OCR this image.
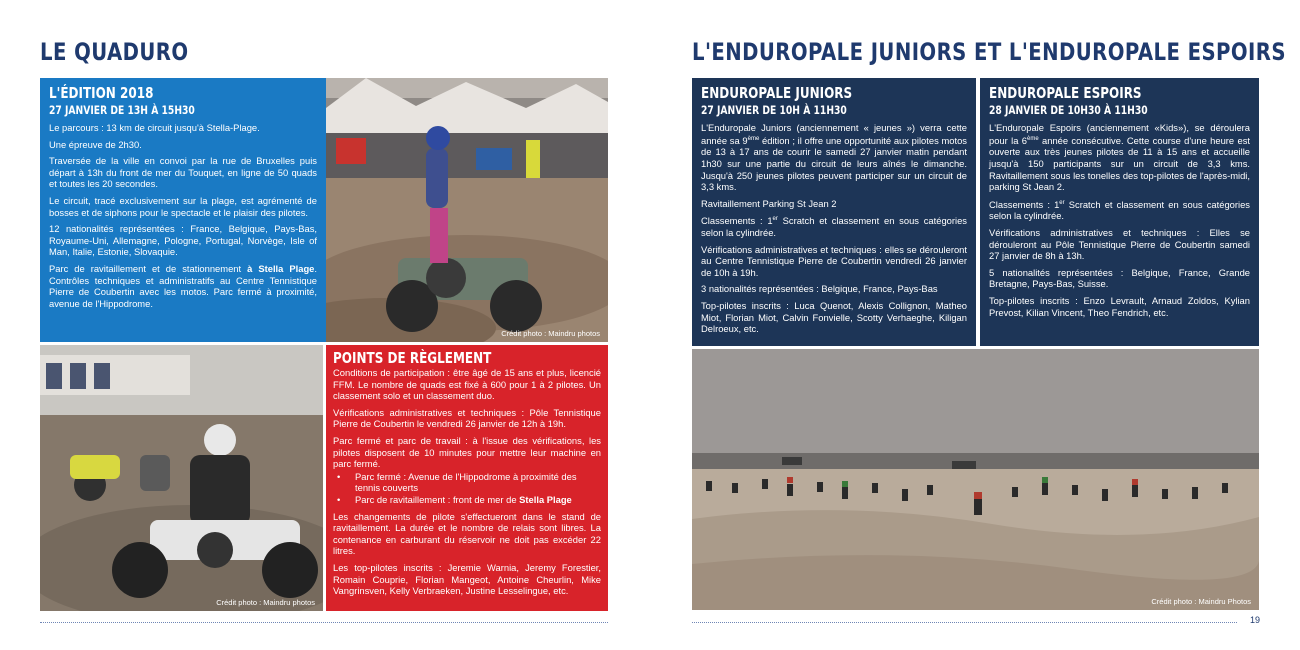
LE QUADURO
L'ÉDITION 2018
27 JANVIER DE 13H À 15H30

Le parcours : 13 km de circuit jusqu'à Stella-Plage.

Une épreuve de 2h30.

Traversée de la ville en convoi par la rue de Bruxelles puis départ à 13h du front de mer du Touquet, en ligne de 50 quads et toutes les 20 secondes.

Le circuit, tracé exclusivement sur la plage, est agrémenté de bosses et de siphons pour le spectacle et le plaisir des pilotes.

12 nationalités représentées : France, Belgique, Pays-Bas, Royaume-Uni, Allemagne, Pologne, Portugal, Norvège, Isle of Man, Italie, Estonie, Slovaquie.

Parc de ravitaillement et de stationnement à Stella Plage. Contrôles techniques et administratifs au Centre Tennistique Pierre de Coubertin avec les motos. Parc fermé à proximité, avenue de l'Hippodrome.

Crédit photo : Maindru photos
Crédit photo : Maindru photos
POINTS DE RÈGLEMENT

Conditions de participation : être âgé de 15 ans et plus, licencié FFM. Le nombre de quads est fixé à 600 pour 1 à 2 pilotes. Un classement solo et un classement duo.

Vérifications administratives et techniques : Pôle Tennistique Pierre de Coubertin le vendredi 26 janvier de 12h à 19h.

Parc fermé et parc de travail : à l'issue des vérifications, les pilotes disposent de 10 minutes pour mettre leur machine en parc fermé.

• Parc fermé : Avenue de l'Hippodrome à proximité des tennis couverts
• Parc de ravitaillement : front de mer de Stella Plage

Les changements de pilote s'effectueront dans le stand de ravitaillement. La durée et le nombre de relais sont libres. La contenance en carburant du réservoir ne doit pas excéder 22 litres.

Les top-pilotes inscrits : Jeremie Warnia, Jeremy Forestier, Romain Couprie, Florian Mangeot, Antoine Cheurlin, Mike Vangrinsven, Kelly Verbraeken, Justine Lesselingue, etc.

L'ENDUROPALE JUNIORS ET L'ENDUROPALE ESPOIRS
ENDUROPALE JUNIORS
27 JANVIER DE 10H À 11H30

L'Enduropale Juniors (anciennement « jeunes ») verra cette année sa 9ème édition ; il offre une opportunité aux pilotes motos de 13 à 17 ans de courir le samedi 27 janvier matin pendant 1h30 sur une partie du circuit de leurs aînés le dimanche. Jusqu'à 250 jeunes pilotes peuvent participer sur un circuit de 3,3 kms.

Ravitaillement Parking St Jean 2

Classements : 1er Scratch et classement en sous catégories selon la cylindrée.

Vérifications administratives et techniques : elles se dérouleront au Centre Tennistique Pierre de Coubertin vendredi 26 janvier de 10h à 19h.

3 nationalités représentées : Belgique, France, Pays-Bas

Top-pilotes inscrits : Luca Quenot, Alexis Collignon, Matheo Miot, Florian Miot, Calvin Fonvielle, Scotty Verhaeghe, Kiligan Delroeux, etc.

ENDUROPALE ESPOIRS
28 JANVIER DE 10H30 À 11H30

L'Enduropale Espoirs (anciennement «Kids»), se déroulera pour la 6ème année consécutive. Cette course d'une heure est ouverte aux très jeunes pilotes de 11 à 15 ans et accueille jusqu'à 150 participants sur un circuit de 3,3 kms. Ravitaillement sous les tonelles des top-pilotes de l'après-midi, parking St Jean 2.

Classements : 1er Scratch et classement en sous catégories selon la cylindrée.

Vérifications administratives et techniques : Elles se dérouleront au Pôle Tennistique Pierre de Coubertin samedi 27 janvier de 8h à 13h.

5 nationalités représentées : Belgique, France, Grande Bretagne, Pays-Bas, Suisse.

Top-pilotes inscrits : Enzo Levrault, Arnaud Zoldos, Kylian Prevost, Kilian Vincent, Theo Fendrich, etc.

Crédit photo : Maindru Photos
19
